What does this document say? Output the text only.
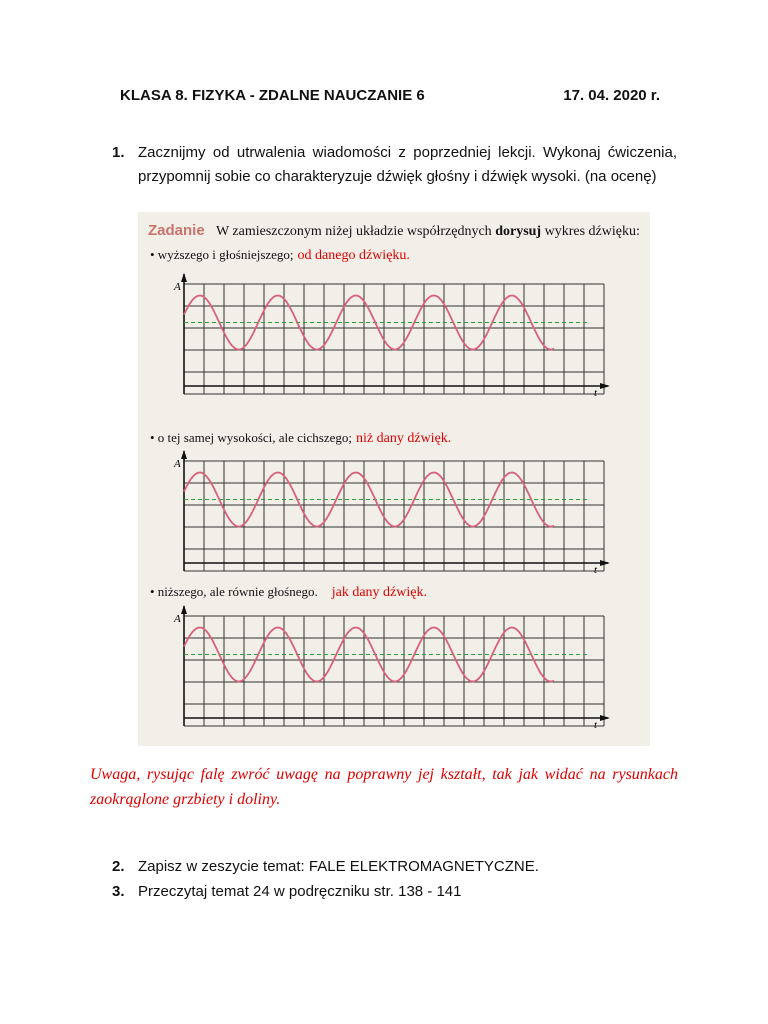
KLASA 8. FIZYKA - ZDALNE NAUCZANIE 6	17. 04. 2020 r.
1. Zacznijmy od utrwalenia wiadomości z poprzedniej lekcji. Wykonaj ćwiczenia, przypomnij sobie co charakteryzuje dźwięk głośny i dźwięk wysoki. (na ocenę)
Zadanie W zamieszczonym niżej układzie współrzędnych dorysuj wykres dźwięku:
• wyższego i głośniejszego; od danego dźwięku.
A
t
• o tej samej wysokości, ale cichszego; niż dany dźwięk.
A
t
• niższego, ale równie głośnego. jak dany dźwięk.
A
t
Uwaga, rysując falę zwróć uwagę na poprawny jej kształt, tak jak widać na rysunkach zaokrąglone grzbiety i doliny.
2. Zapisz w zeszycie temat: FALE ELEKTROMAGNETYCZNE.
3. Przeczytaj temat 24 w podręczniku str. 138 - 141
